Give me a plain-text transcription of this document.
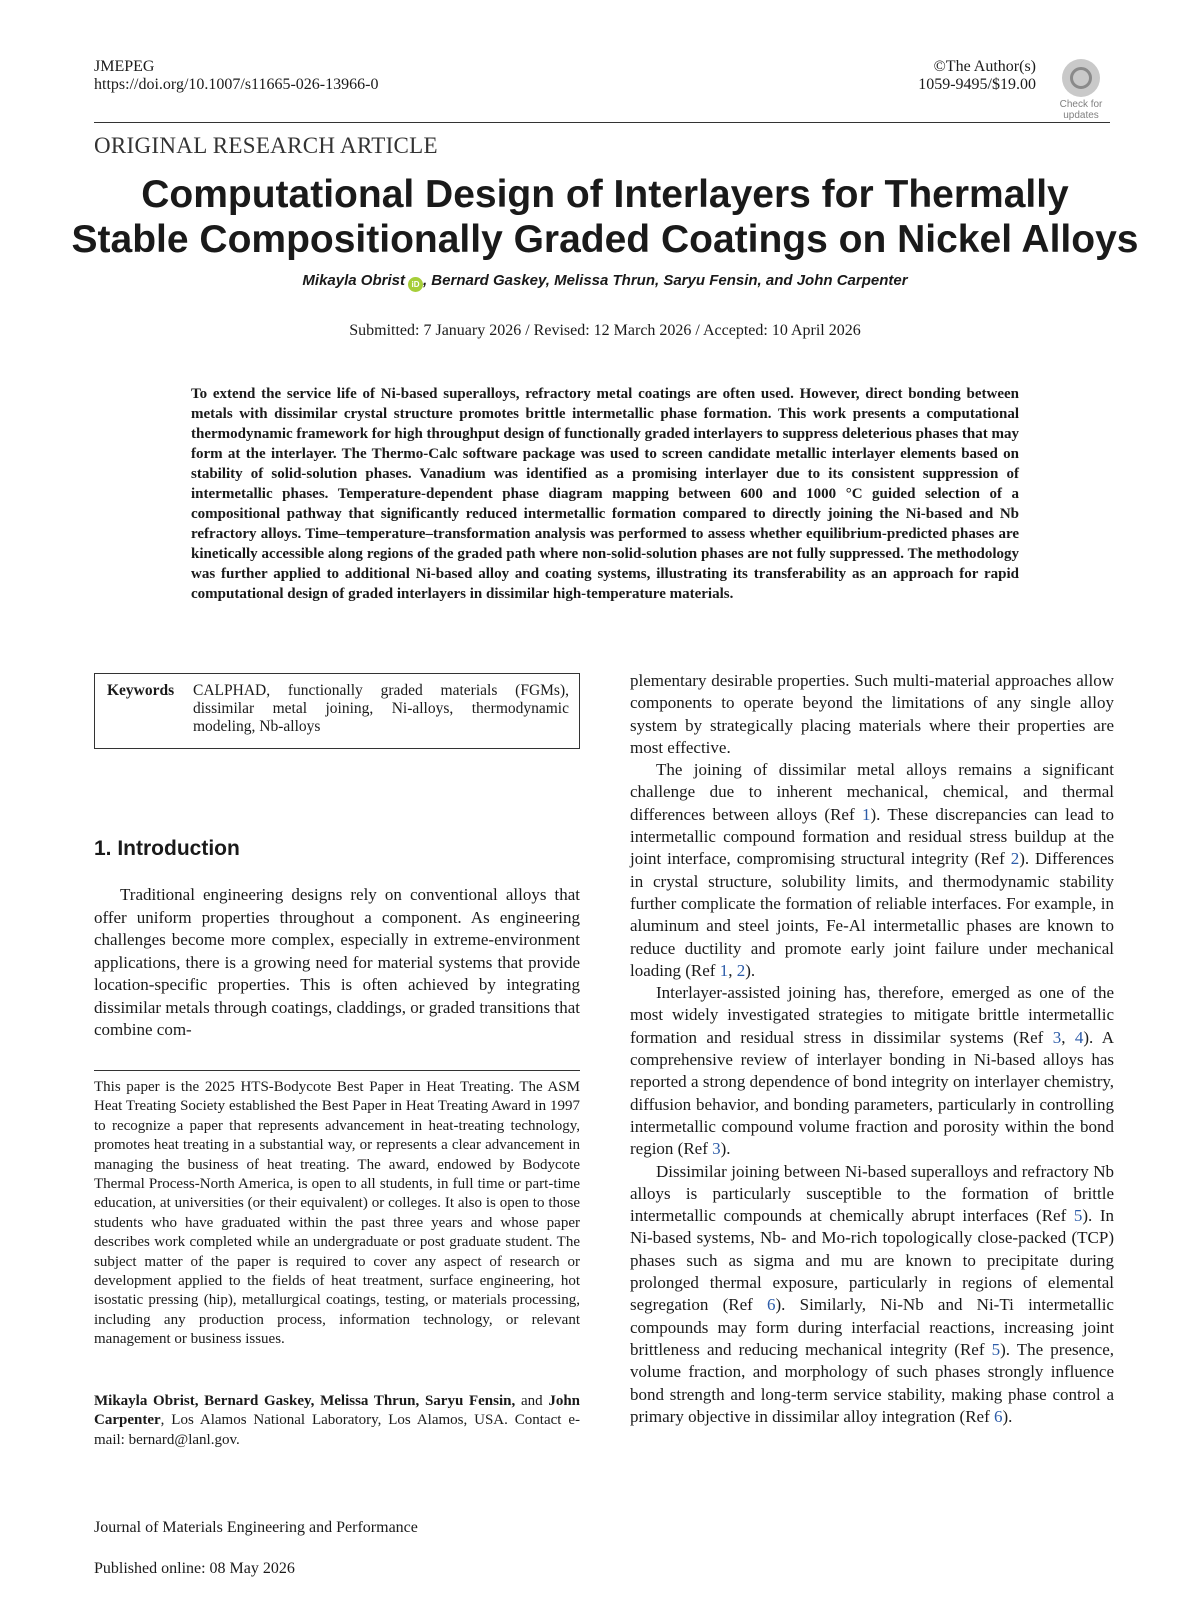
JMEPEG
https://doi.org/10.1007/s11665-026-13966-0
©The Author(s)
1059-9495/$19.00
Check for
updates
ORIGINAL RESEARCH ARTICLE
Computational Design of Interlayers for Thermally
Stable Compositionally Graded Coatings on Nickel Alloys
Mikayla Obrist iD , Bernard Gaskey, Melissa Thrun, Saryu Fensin, and John Carpenter
Submitted: 7 January 2026 / Revised: 12 March 2026 / Accepted: 10 April 2026
To extend the service life of Ni-based superalloys, refractory metal coatings are often used. However, direct bonding between metals with dissimilar crystal structure promotes brittle intermetallic phase formation. This work presents a computational thermodynamic framework for high throughput design of functionally graded interlayers to suppress deleterious phases that may form at the interlayer. The Thermo-Calc software package was used to screen candidate metallic interlayer elements based on stability of solid-solution phases. Vanadium was identified as a promising interlayer due to its consistent suppression of intermetallic phases. Temperature-dependent phase diagram mapping between 600 and 1000 °C guided selection of a compositional pathway that significantly reduced intermetallic formation compared to directly joining the Ni-based and Nb refractory alloys. Time–temperature–transformation analysis was performed to assess whether equilibrium-predicted phases are kinetically accessible along regions of the graded path where non-solid-solution phases are not fully suppressed. The methodology was further applied to additional Ni-based alloy and coating systems, illustrating its transferability as an approach for rapid computational design of graded interlayers in dissimilar high-temperature materials.
Keywords CALPHAD, functionally graded materials (FGMs), dissimilar metal joining, Ni-alloys, thermodynamic modeling, Nb-alloys
1. Introduction

Traditional engineering designs rely on conventional alloys that offer uniform properties throughout a component. As engineering challenges become more complex, especially in extreme-environment applications, there is a growing need for material systems that provide location-specific properties. This is often achieved by integrating dissimilar metals through coatings, claddings, or graded transitions that combine com-

This paper is the 2025 HTS-Bodycote Best Paper in Heat Treating. The ASM Heat Treating Society established the Best Paper in Heat Treating Award in 1997 to recognize a paper that represents advancement in heat-treating technology, promotes heat treating in a substantial way, or represents a clear advancement in managing the business of heat treating. The award, endowed by Bodycote Thermal Process-North America, is open to all students, in full time or part-time education, at universities (or their equivalent) or colleges. It also is open to those students who have graduated within the past three years and whose paper describes work completed while an undergraduate or post graduate student. The subject matter of the paper is required to cover any aspect of research or development applied to the fields of heat treatment, surface engineering, hot isostatic pressing (hip), metallurgical coatings, testing, or materials processing, including any production process, information technology, or relevant management or business issues.
Mikayla Obrist, Bernard Gaskey, Melissa Thrun, Saryu Fensin, and John Carpenter, Los Alamos National Laboratory, Los Alamos, USA. Contact e-mail: bernard@lanl.gov.
Journal of Materials Engineering and Performance
Published online: 08 May 2026

plementary desirable properties. Such multi-material approaches allow components to operate beyond the limitations of any single alloy system by strategically placing materials where their properties are most effective.

The joining of dissimilar metal alloys remains a significant challenge due to inherent mechanical, chemical, and thermal differences between alloys (Ref 1). These discrepancies can lead to intermetallic compound formation and residual stress buildup at the joint interface, compromising structural integrity (Ref 2). Differences in crystal structure, solubility limits, and thermodynamic stability further complicate the formation of reliable interfaces. For example, in aluminum and steel joints, Fe-Al intermetallic phases are known to reduce ductility and promote early joint failure under mechanical loading (Ref 1, 2).

Interlayer-assisted joining has, therefore, emerged as one of the most widely investigated strategies to mitigate brittle intermetallic formation and residual stress in dissimilar systems (Ref 3, 4). A comprehensive review of interlayer bonding in Ni-based alloys has reported a strong dependence of bond integrity on interlayer chemistry, diffusion behavior, and bonding parameters, particularly in controlling intermetallic compound volume fraction and porosity within the bond region (Ref 3).

Dissimilar joining between Ni-based superalloys and refractory Nb alloys is particularly susceptible to the formation of brittle intermetallic compounds at chemically abrupt interfaces (Ref 5). In Ni-based systems, Nb- and Mo-rich topologically close-packed (TCP) phases such as sigma and mu are known to precipitate during prolonged thermal exposure, particularly in regions of elemental segregation (Ref 6). Similarly, Ni-Nb and Ni-Ti intermetallic compounds may form during interfacial reactions, increasing joint brittleness and reducing mechanical integrity (Ref 5). The presence, volume fraction, and morphology of such phases strongly influence bond strength and long-term service stability, making phase control a primary objective in dissimilar alloy integration (Ref 6).
